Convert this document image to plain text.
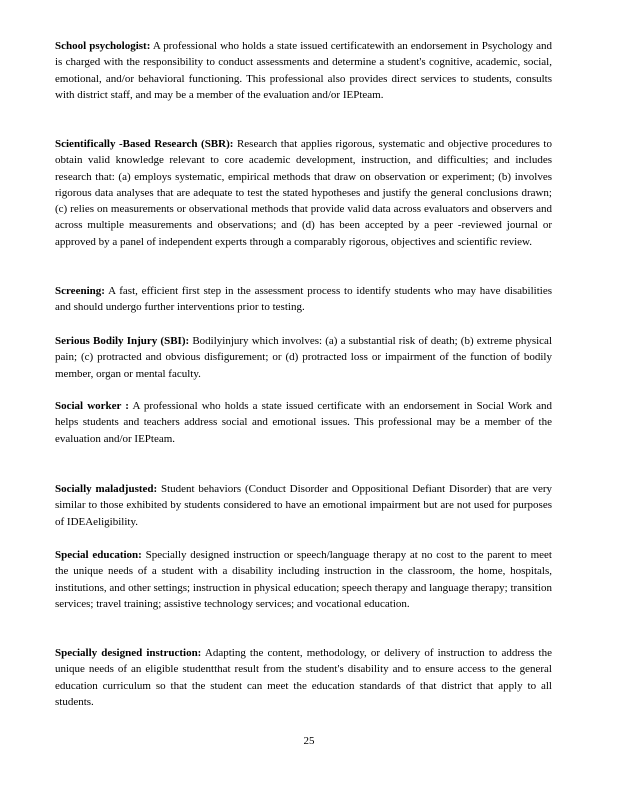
School psychologist: A professional who holds a state issued certificatewith an endorsement in Psychology and is charged with the responsibility to conduct assessments and determine a student's cognitive, academic, social, emotional, and/or behavioral functioning. This professional also provides direct services to students, consults with district staff, and may be a member of the evaluation and/or IEPteam.

Scientifically -Based Research (SBR): Research that applies rigorous, systematic and objective procedures to obtain valid knowledge relevant to core academic development, instruction, and difficulties; and includes research that: (a) employs systematic, empirical methods that draw on observation or experiment; (b) involves rigorous data analyses that are adequate to test the stated hypotheses and justify the general conclusions drawn; (c) relies on measurements or observational methods that provide valid data across evaluators and observers and across multiple measurements and observations; and (d) has been accepted by a peer -reviewed journal or approved by a panel of independent experts through a comparably rigorous, objectives and scientific review.

Screening: A fast, efficient first step in the assessment process to identify students who may have disabilities and should undergo further interventions prior to testing.

Serious Bodily Injury (SBI): Bodilyinjury which involves: (a) a substantial risk of death; (b) extreme physical pain; (c) protracted and obvious disfigurement; or (d) protracted loss or impairment of the function of bodily member, organ or mental faculty.

Social worker : A professional who holds a state issued certificate with an endorsement in Social Work and helps students and teachers address social and emotional issues. This professional may be a member of the evaluation and/or IEPteam.

Socially maladjusted: Student behaviors (Conduct Disorder and Oppositional Defiant Disorder) that are very similar to those exhibited by students considered to have an emotional impairment but are not used for purposes of IDEAeligibility.

Special education: Specially designed instruction or speech/language therapy at no cost to the parent to meet the unique needs of a student with a disability including instruction in the classroom, the home, hospitals, institutions, and other settings; instruction in physical education; speech therapy and language therapy; transition services; travel training; assistive technology services; and vocational education.

Specially designed instruction: Adapting the content, methodology, or delivery of instruction to address the unique needs of an eligible studentthat result from the student's disability and to ensure access to the general education curriculum so that the student can meet the education standards of that district that apply to all students.

25
